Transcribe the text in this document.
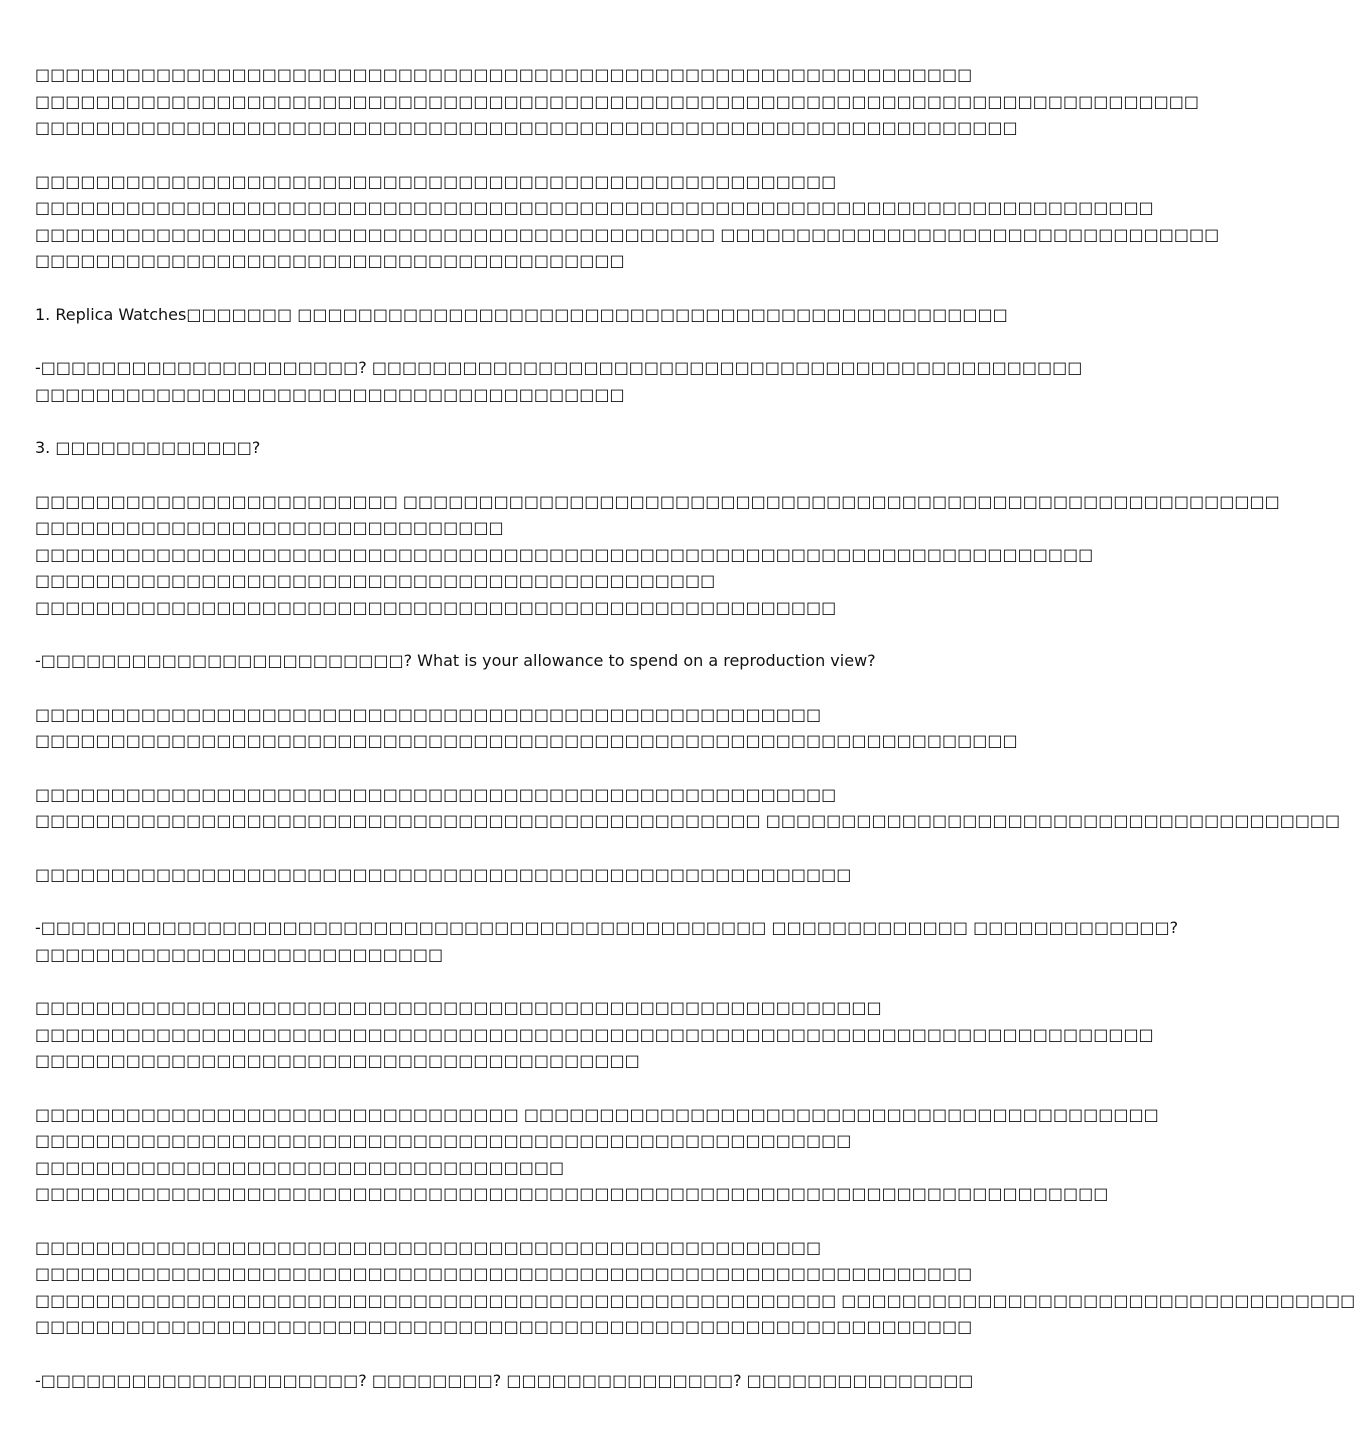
□□□□□□□□□□□□□□□□□□□□□□□□□□□□□□□□□□□□□□□□□□□□□□□□□□□□□□□□□□□□□□
□□□□□□□□□□□□□□□□□□□□□□□□□□□□□□□□□□□□□□□□□□□□□□□□□□□□□□□□□□□□□□□□□□□□□□□□□□□□□
□□□□□□□□□□□□□□□□□□□□□□□□□□□□□□□□□□□□□□□□□□□□□□□□□□□□□□□□□□□□□□□□□
□□□□□□□□□□□□□□□□□□□□□□□□□□□□□□□□□□□□□□□□□□□□□□□□□□□□□
□□□□□□□□□□□□□□□□□□□□□□□□□□□□□□□□□□□□□□□□□□□□□□□□□□□□□□□□□□□□□□□□□□□□□□□□□□
□□□□□□□□□□□□□□□□□□□□□□□□□□□□□□□□□□□□□□□□□□□□□ □□□□□□□□□□□□□□□□□□□□□□□□□□□□□□□□□
□□□□□□□□□□□□□□□□□□□□□□□□□□□□□□□□□□□□□□□
1. Replica Watches□□□□□□□ □□□□□□□□□□□□□□□□□□□□□□□□□□□□□□□□□□□□□□□□□□□□□□□
-□□□□□□□□□□□□□□□□□□□□□? □□□□□□□□□□□□□□□□□□□□□□□□□□□□□□□□□□□□□□□□□□□□□□□
□□□□□□□□□□□□□□□□□□□□□□□□□□□□□□□□□□□□□□□
3. □□□□□□□□□□□□□?
□□□□□□□□□□□□□□□□□□□□□□□□ □□□□□□□□□□□□□□□□□□□□□□□□□□□□□□□□□□□□□□□□□□□□□□□□□□□□□□□□□□
□□□□□□□□□□□□□□□□□□□□□□□□□□□□□□□
□□□□□□□□□□□□□□□□□□□□□□□□□□□□□□□□□□□□□□□□□□□□□□□□□□□□□□□□□□□□□□□□□□□□□□
□□□□□□□□□□□□□□□□□□□□□□□□□□□□□□□□□□□□□□□□□□□□□
□□□□□□□□□□□□□□□□□□□□□□□□□□□□□□□□□□□□□□□□□□□□□□□□□□□□□
-□□□□□□□□□□□□□□□□□□□□□□□□? What is your allowance to spend on a reproduction view?
□□□□□□□□□□□□□□□□□□□□□□□□□□□□□□□□□□□□□□□□□□□□□□□□□□□□
□□□□□□□□□□□□□□□□□□□□□□□□□□□□□□□□□□□□□□□□□□□□□□□□□□□□□□□□□□□□□□□□□
□□□□□□□□□□□□□□□□□□□□□□□□□□□□□□□□□□□□□□□□□□□□□□□□□□□□□
□□□□□□□□□□□□□□□□□□□□□□□□□□□□□□□□□□□□□□□□□□□□□□□□ □□□□□□□□□□□□□□□□□□□□□□□□□□□□□□□□□□□□□□
□□□□□□□□□□□□□□□□□□□□□□□□□□□□□□□□□□□□□□□□□□□□□□□□□□□□□□
-□□□□□□□□□□□□□□□□□□□□□□□□□□□□□□□□□□□□□□□□□□□□□□□□ □□□□□□□□□□□□□ □□□□□□□□□□□□□?
□□□□□□□□□□□□□□□□□□□□□□□□□□□
□□□□□□□□□□□□□□□□□□□□□□□□□□□□□□□□□□□□□□□□□□□□□□□□□□□□□□□□
□□□□□□□□□□□□□□□□□□□□□□□□□□□□□□□□□□□□□□□□□□□□□□□□□□□□□□□□□□□□□□□□□□□□□□□□□□
□□□□□□□□□□□□□□□□□□□□□□□□□□□□□□□□□□□□□□□□
□□□□□□□□□□□□□□□□□□□□□□□□□□□□□□□□ □□□□□□□□□□□□□□□□□□□□□□□□□□□□□□□□□□□□□□□□□□
□□□□□□□□□□□□□□□□□□□□□□□□□□□□□□□□□□□□□□□□□□□□□□□□□□□□□□
□□□□□□□□□□□□□□□□□□□□□□□□□□□□□□□□□□□
□□□□□□□□□□□□□□□□□□□□□□□□□□□□□□□□□□□□□□□□□□□□□□□□□□□□□□□□□□□□□□□□□□□□□□□
□□□□□□□□□□□□□□□□□□□□□□□□□□□□□□□□□□□□□□□□□□□□□□□□□□□□
□□□□□□□□□□□□□□□□□□□□□□□□□□□□□□□□□□□□□□□□□□□□□□□□□□□□□□□□□□□□□□
□□□□□□□□□□□□□□□□□□□□□□□□□□□□□□□□□□□□□□□□□□□□□□□□□□□□□ □□□□□□□□□□□□□□□□□□□□□□□□□□□□□□□□□□
□□□□□□□□□□□□□□□□□□□□□□□□□□□□□□□□□□□□□□□□□□□□□□□□□□□□□□□□□□□□□□
-□□□□□□□□□□□□□□□□□□□□□? □□□□□□□□? □□□□□□□□□□□□□□□? □□□□□□□□□□□□□□□
